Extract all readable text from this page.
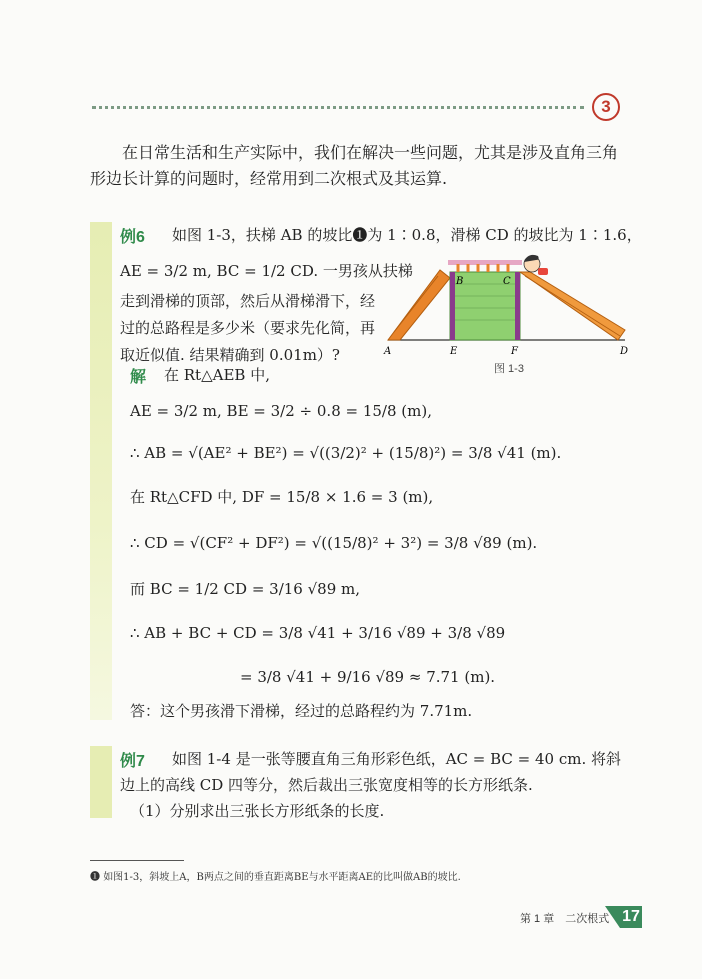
3
在日常生活和生产实际中，我们在解决一些问题，尤其是涉及直角三角形边长计算的问题时，经常用到二次根式及其运算.
例6 如图 1-3，扶梯 AB 的坡比❶为 1∶0.8，滑梯 CD 的坡比为 1∶1.6，
AE = 3/2 m, BC = 1/2 CD. 一男孩从扶梯
走到滑梯的顶部，然后从滑梯滑下，经
过的总路程是多少米（要求先化简，再
取近似值. 结果精确到 0.01m）?	A	E
B	C
F	D
图 1-3
解 在 Rt△AEB 中,
AE = 3/2 m, BE = 3/2 ÷ 0.8 = 15/8 (m),
∴ AB = √(AE² + BE²) = √((3/2)² + (15/8)²) = 3/8 √41 (m).
在 Rt△CFD 中, DF = 15/8 × 1.6 = 3 (m),
∴ CD = √(CF² + DF²) = √((15/8)² + 3²) = 3/8 √89 (m).
而 BC = 1/2 CD = 3/16 √89 m,
∴ AB + BC + CD = 3/8 √41 + 3/16 √89 + 3/8 √89
= 3/8 √41 + 9/16 √89 ≈ 7.71 (m).
答：这个男孩滑下滑梯，经过的总路程约为 7.71m.
例7 如图 1-4 是一张等腰直角三角形彩色纸，AC = BC = 40 cm. 将斜
边上的高线 CD 四等分，然后裁出三张宽度相等的长方形纸条.
（1）分别求出三张长方形纸条的长度.
❶ 如图1-3，斜坡上A，B两点之间的垂直距离BE与水平距离AE的比叫做AB的坡比.
第 1 章　二次根式 17
